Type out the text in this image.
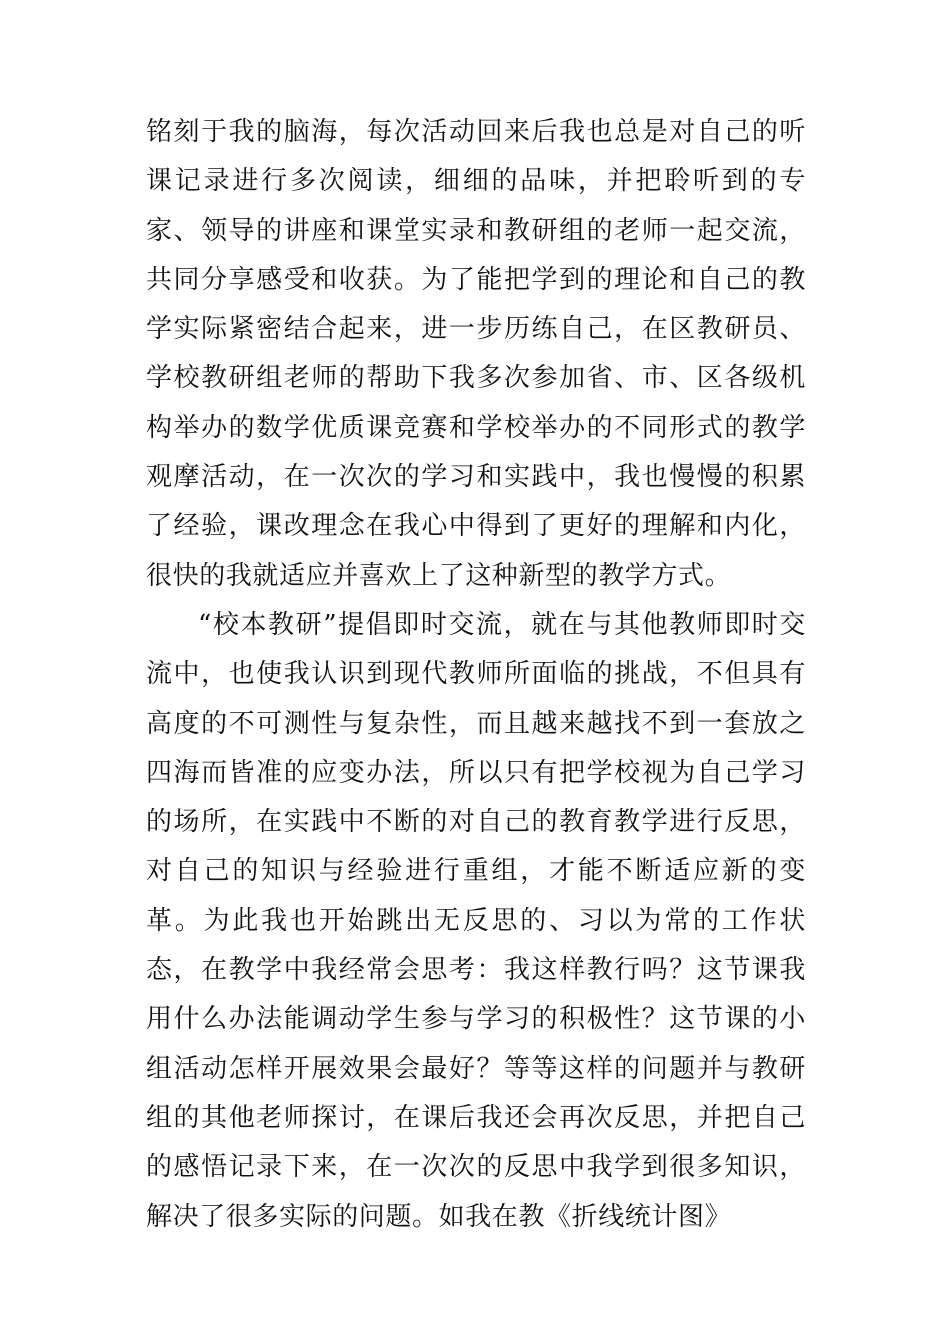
铭刻于我的脑海，每次活动回来后我也总是对自己的听课记录进行多次阅读，细细的品味，并把聆听到的专家、领导的讲座和课堂实录和教研组的老师一起交流，共同分享感受和收获。为了能把学到的理论和自己的教学实际紧密结合起来，进一步历练自己，在区教研员、学校教研组老师的帮助下我多次参加省、市、区各级机构举办的数学优质课竞赛和学校举办的不同形式的教学观摩活动，在一次次的学习和实践中，我也慢慢的积累了经验，课改理念在我心中得到了更好的理解和内化，很快的我就适应并喜欢上了这种新型的教学方式。

“校本教研”提倡即时交流，就在与其他教师即时交流中，也使我认识到现代教师所面临的挑战，不但具有高度的不可测性与复杂性，而且越来越找不到一套放之四海而皆准的应变办法，所以只有把学校视为自己学习的场所，在实践中不断的对自己的教育教学进行反思，对自己的知识与经验进行重组，才能不断适应新的变革。为此我也开始跳出无反思的、习以为常的工作状态，在教学中我经常会思考：我这样教行吗？这节课我用什么办法能调动学生参与学习的积极性？这节课的小组活动怎样开展效果会最好？等等这样的问题并与教研组的其他老师探讨，在课后我还会再次反思，并把自己的感悟记录下来，在一次次的反思中我学到很多知识，解决了很多实际的问题。如我在教《折线统计图》
